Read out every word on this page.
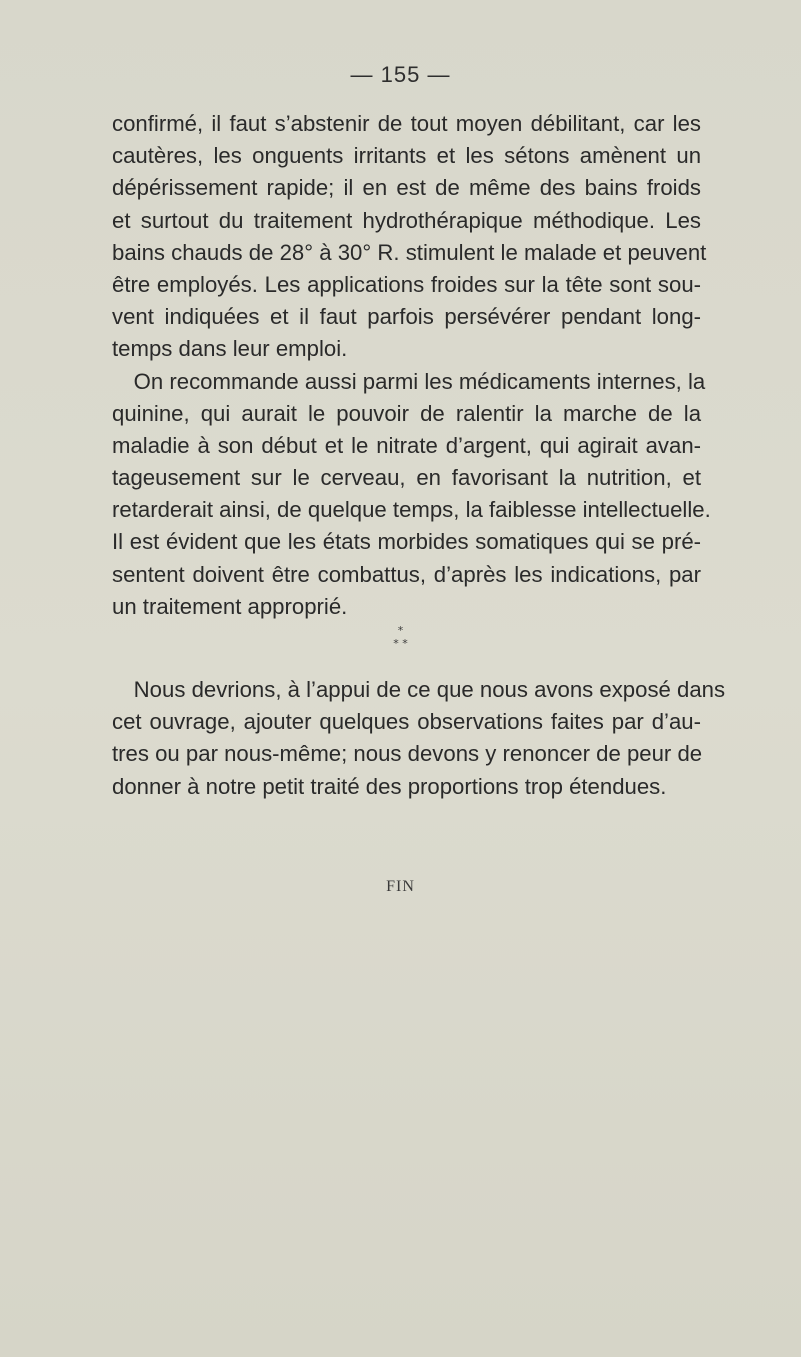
— 155 —
confirmé, il faut s’abstenir de tout moyen débilitant, car les
cautères, les onguents irritants et les sétons amènent un
dépérissement rapide; il en est de même des bains froids
et surtout du traitement hydrothérapique méthodique. Les
bains chauds de 28° à 30° R. stimulent le malade et peuvent
être employés. Les applications froides sur la tête sont sou-
vent indiquées et il faut parfois persévérer pendant long-
temps dans leur emploi.
On recommande aussi parmi les médicaments internes, la
quinine, qui aurait le pouvoir de ralentir la marche de la
maladie à son début et le nitrate d’argent, qui agirait avan-
tageusement sur le cerveau, en favorisant la nutrition, et
retarderait ainsi, de quelque temps, la faiblesse intellectuelle.
Il est évident que les états morbides somatiques qui se pré-
sentent doivent être combattus, d’après les indications, par
un traitement approprié.
*
* *
Nous devrions, à l’appui de ce que nous avons exposé dans
cet ouvrage, ajouter quelques observations faites par d’au-
tres ou par nous-même; nous devons y renoncer de peur de
donner à notre petit traité des proportions trop étendues.
FIN
